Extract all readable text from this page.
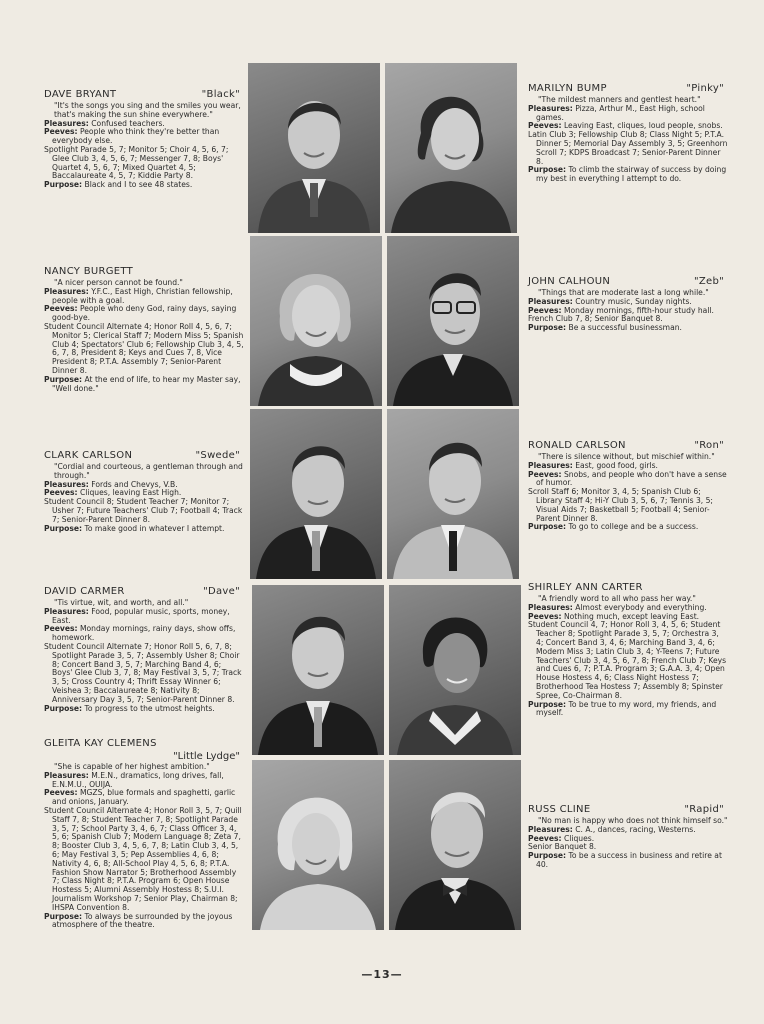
DAVE BRYANT	"Black"
"It's the songs you sing and the smiles you wear, that's making the sun shine everywhere."
Pleasures: Confused teachers.
Peeves: People who think they're better than everybody else.
Spotlight Parade 5, 7; Monitor 5; Choir 4, 5, 6, 7; Glee Club 3, 4, 5, 6, 7; Messenger 7, 8; Boys' Quartet 4, 5, 6, 7; Mixed Quartet 4, 5; Baccalaureate 4, 5, 7; Kiddie Party 8.
Purpose: Black and I to see 48 states.
MARILYN BUMP	"Pinky"
"The mildest manners and gentlest heart."
Pleasures: Pizza, Arthur M., East High, school games.
Peeves: Leaving East, cliques, loud people, snobs.
Latin Club 3; Fellowship Club 8; Class Night 5; P.T.A. Dinner 5; Memorial Day Assembly 3, 5; Greenhorn Scroll 7; KDPS Broadcast 7; Senior-Parent Dinner 8.
Purpose: To climb the stairway of success by doing my best in everything I attempt to do.
NANCY BURGETT
"A nicer person cannot be found."
Pleasures: Y.F.C., East High, Christian fellowship, people with a goal.
Peeves: People who deny God, rainy days, saying good-bye.
Student Council Alternate 4; Honor Roll 4, 5, 6, 7; Monitor 5; Clerical Staff 7; Modern Miss 5; Spanish Club 4; Spectators' Club 6; Fellowship Club 3, 4, 5, 6, 7, 8, President 8; Keys and Cues 7, 8, Vice President 8; P.T.A. Assembly 7; Senior-Parent Dinner 8.
Purpose: At the end of life, to hear my Master say, "Well done."
JOHN CALHOUN	"Zeb"
"Things that are moderate last a long while."
Pleasures: Country music, Sunday nights.
Peeves: Monday mornings, fifth-hour study hall.
French Club 7, 8; Senior Banquet 8.
Purpose: Be a successful businessman.
CLARK CARLSON	"Swede"
"Cordial and courteous, a gentleman through and through."
Pleasures: Fords and Chevys, V.B.
Peeves: Cliques, leaving East High.
Student Council 8; Student Teacher 7; Monitor 7; Usher 7; Future Teachers' Club 7; Football 4; Track 7; Senior-Parent Dinner 8.
Purpose: To make good in whatever I attempt.
RONALD CARLSON	"Ron"
"There is silence without, but mischief within."
Pleasures: East, good food, girls.
Peeves: Snobs, and people who don't have a sense of humor.
Scroll Staff 6; Monitor 3, 4, 5; Spanish Club 6; Library Staff 4; Hi-Y Club 3, 5, 6, 7; Tennis 3, 5; Visual Aids 7; Basketball 5; Football 4; Senior-Parent Dinner 8.
Purpose: To go to college and be a success.
DAVID CARMER	"Dave"
"Tis virtue, wit, and worth, and all."
Pleasures: Food, popular music, sports, money, East.
Peeves: Monday mornings, rainy days, show offs, homework.
Student Council Alternate 7; Honor Roll 5, 6, 7, 8; Spotlight Parade 3, 5, 7; Assembly Usher 8; Choir 8; Concert Band 3, 5, 7; Marching Band 4, 6; Boys' Glee Club 3, 7, 8; May Festival 3, 5, 7; Track 3, 5; Cross Country 4; Thrift Essay Winner 6; Veishea 3; Baccalaureate 8; Nativity 8; Anniversary Day 3, 5, 7; Senior-Parent Dinner 8.
Purpose: To progress to the utmost heights.
SHIRLEY ANN CARTER
"A friendly word to all who pass her way."
Pleasures: Almost everybody and everything.
Peeves: Nothing much, except leaving East.
Student Council 4, 7; Honor Roll 3, 4, 5, 6; Student Teacher 8; Spotlight Parade 3, 5, 7; Orchestra 3, 4; Concert Band 3, 4, 6; Marching Band 3, 4, 6; Modern Miss 3; Latin Club 3, 4; Y-Teens 7; Future Teachers' Club 3, 4, 5, 6, 7, 8; French Club 7; Keys and Cues 6, 7; P.T.A. Program 3; G.A.A. 3, 4; Open House Hostess 4, 6; Class Night Hostess 7; Brotherhood Tea Hostess 7; Assembly 8; Spinster Spree, Co-Chairman 8.
Purpose: To be true to my word, my friends, and myself.
GLEITA KAY CLEMENS
"Little Lydge"
"She is capable of her highest ambition."
Pleasures: M.E.N., dramatics, long drives, fall, E.N.M.U., OUIJA.
Peeves: MGZS, blue formals and spaghetti, garlic and onions, January.
Student Council Alternate 4; Honor Roll 3, 5, 7; Quill Staff 7, 8; Student Teacher 7, 8; Spotlight Parade 3, 5, 7; School Party 3, 4, 6, 7; Class Officer 3, 4, 5, 6; Spanish Club 7; Modern Language 8; Zeta 7, 8; Booster Club 3, 4, 5, 6, 7, 8; Latin Club 3, 4, 5, 6; May Festival 3, 5; Pep Assemblies 4, 6, 8; Nativity 4, 6, 8; All-School Play 4, 5, 6, 8; P.T.A. Fashion Show Narrator 5; Brotherhood Assembly 7; Class Night 8; P.T.A. Program 6; Open House Hostess 5; Alumni Assembly Hostess 8; S.U.I. Journalism Workshop 7; Senior Play, Chairman 8; IHSPA Convention 8.
Purpose: To always be surrounded by the joyous atmosphere of the theatre.
RUSS CLINE	"Rapid"
"No man is happy who does not think himself so."
Pleasures: C. A., dances, racing, Westerns.
Peeves: Cliques.
Senior Banquet 8.
Purpose: To be a success in business and retire at 40.
—13—
